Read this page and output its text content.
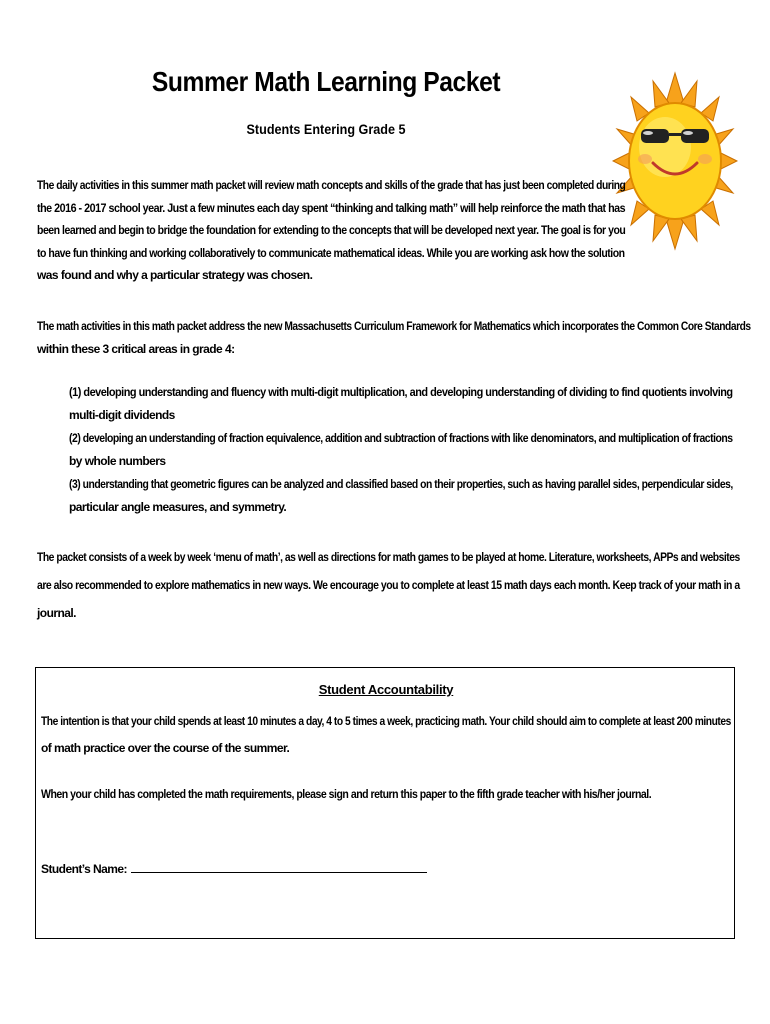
Summer Math Learning Packet
Students Entering Grade 5
The daily activities in this summer math packet will review math concepts and skills of the grade that has just been completed during
the 2016 - 2017 school year. Just a few minutes each day spent “thinking and talking math” will help reinforce the math that has
been learned and begin to bridge the foundation for extending to the concepts that will be developed next year. The goal is for you
to have fun thinking and working collaboratively to communicate mathematical ideas. While you are working ask how the solution
was found and why a particular strategy was chosen.
The math activities in this math packet address the new Massachusetts Curriculum Framework for Mathematics which incorporates the Common Core Standards
within these 3 critical areas in grade 4:
(1) developing understanding and fluency with multi-digit multiplication, and developing understanding of dividing to find quotients involving
multi-digit dividends
(2) developing an understanding of fraction equivalence, addition and subtraction of fractions with like denominators, and multiplication of fractions
by whole numbers
(3) understanding that geometric figures can be analyzed and classified based on their properties, such as having parallel sides, perpendicular sides,
particular angle measures, and symmetry.
The packet consists of a week by week ‘menu of math’, as well as directions for math games to be played at home. Literature, worksheets, APPs and websites
are also recommended to explore mathematics in new ways. We encourage you to complete at least 15 math days each month. Keep track of your math in a
journal.
Student Accountability
The intention is that your child spends at least 10 minutes a day, 4 to 5 times a week, practicing math. Your child should aim to complete at least 200 minutes
of math practice over the course of the summer.
When your child has completed the math requirements, please sign and return this paper to the fifth grade teacher with his/her journal.
Student’s Name:
